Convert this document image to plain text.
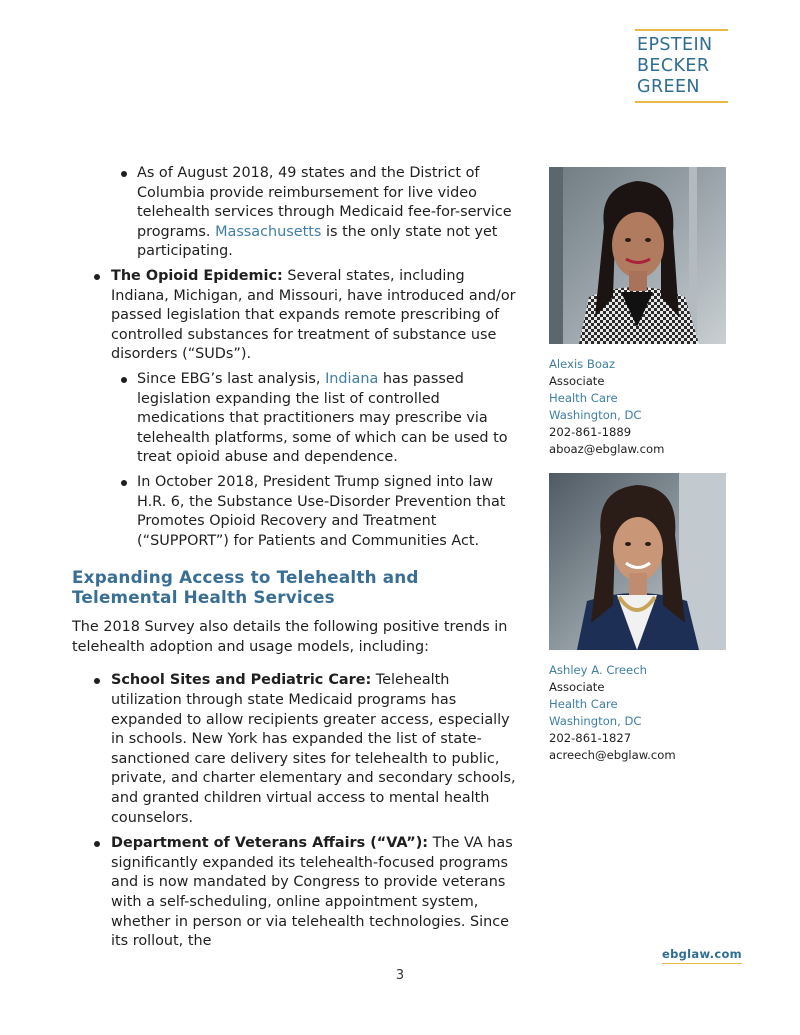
EPSTEIN
BECKER
GREEN
As of August 2018, 49 states and the District of Columbia provide reimbursement for live video telehealth services through Medicaid fee-for-service programs. Massachusetts is the only state not yet participating.
The Opioid Epidemic: Several states, including Indiana, Michigan, and Missouri, have introduced and/or passed legislation that expands remote prescribing of controlled substances for treatment of substance use disorders (“SUDs”).
Since EBG’s last analysis, Indiana has passed legislation expanding the list of controlled medications that practitioners may prescribe via telehealth platforms, some of which can be used to treat opioid abuse and dependence.
In October 2018, President Trump signed into law H.R. 6, the Substance Use-Disorder Prevention that Promotes Opioid Recovery and Treatment (“SUPPORT”) for Patients and Communities Act.
Expanding Access to Telehealth and Telemental Health Services

The 2018 Survey also details the following positive trends in telehealth adoption and usage models, including:

School Sites and Pediatric Care: Telehealth utilization through state Medicaid programs has expanded to allow recipients greater access, especially in schools. New York has expanded the list of state-sanctioned care delivery sites for telehealth to public, private, and charter elementary and secondary schools, and granted children virtual access to mental health counselors.
Department of Veterans Affairs (“VA”): The VA has significantly expanded its telehealth-focused programs and is now mandated by Congress to provide veterans with a self-scheduling, online appointment system, whether in person or via telehealth technologies. Since its rollout, the
Alexis Boaz
Associate
Health Care
Washington, DC
202-861-1889
aboaz@ebglaw.com
Ashley A. Creech
Associate
Health Care
Washington, DC
202-861-1827
acreech@ebglaw.com
ebglaw.com
3
